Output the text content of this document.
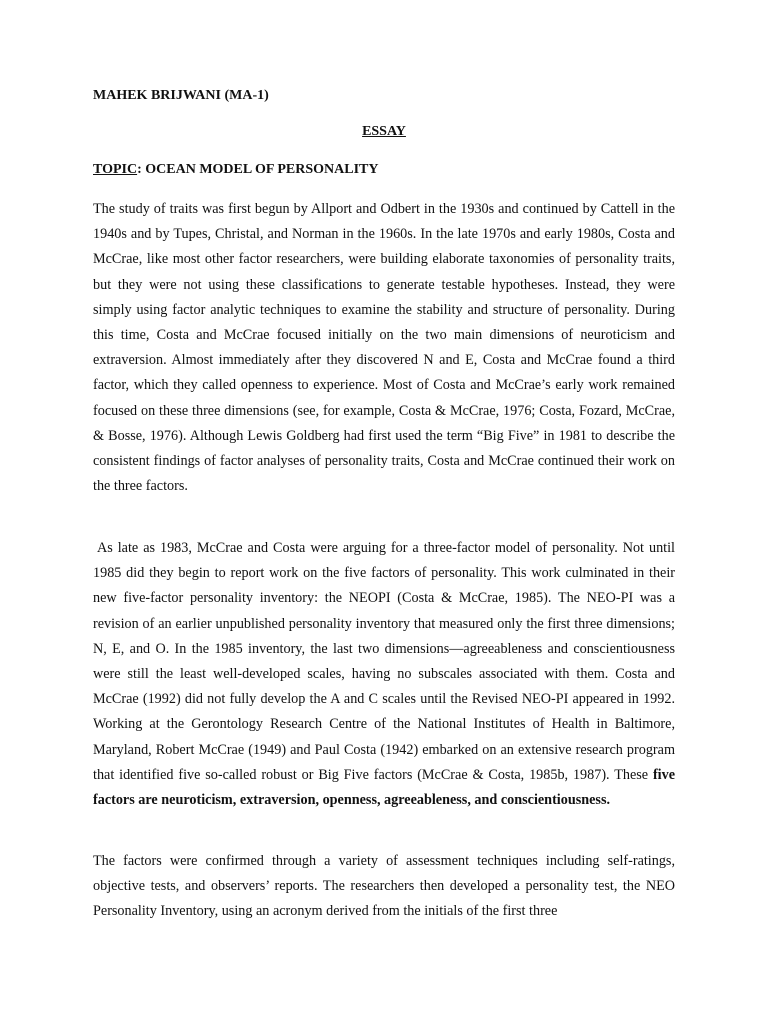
MAHEK BRIJWANI (MA-1)

ESSAY

TOPIC: OCEAN MODEL OF PERSONALITY

The study of traits was first begun by Allport and Odbert in the 1930s and continued by Cattell in the 1940s and by Tupes, Christal, and Norman in the 1960s. In the late 1970s and early 1980s, Costa and McCrae, like most other factor researchers, were building elaborate taxonomies of personality traits, but they were not using these classifications to generate testable hypotheses. Instead, they were simply using factor analytic techniques to examine the stability and structure of personality. During this time, Costa and McCrae focused initially on the two main dimensions of neuroticism and extraversion. Almost immediately after they discovered N and E, Costa and McCrae found a third factor, which they called openness to experience. Most of Costa and McCrae’s early work remained focused on these three dimensions (see, for example, Costa & McCrae, 1976; Costa, Fozard, McCrae, & Bosse, 1976). Although Lewis Goldberg had first used the term “Big Five” in 1981 to describe the consistent findings of factor analyses of personality traits, Costa and McCrae continued their work on the three factors.

As late as 1983, McCrae and Costa were arguing for a three-factor model of personality. Not until 1985 did they begin to report work on the five factors of personality. This work culminated in their new five-factor personality inventory: the NEOPI (Costa & McCrae, 1985). The NEO-PI was a revision of an earlier unpublished personality inventory that measured only the first three dimensions; N, E, and O. In the 1985 inventory, the last two dimensions—agreeableness and conscientiousness were still the least well-developed scales, having no subscales associated with them. Costa and McCrae (1992) did not fully develop the A and C scales until the Revised NEO-PI appeared in 1992. Working at the Gerontology Research Centre of the National Institutes of Health in Baltimore, Maryland, Robert McCrae (1949) and Paul Costa (1942) embarked on an extensive research program that identified five so-called robust or Big Five factors (McCrae & Costa, 1985b, 1987). These five factors are neuroticism, extraversion, openness, agreeableness, and conscientiousness.

The factors were confirmed through a variety of assessment techniques including self-ratings, objective tests, and observers’ reports. The researchers then developed a personality test, the NEO Personality Inventory, using an acronym derived from the initials of the first three
